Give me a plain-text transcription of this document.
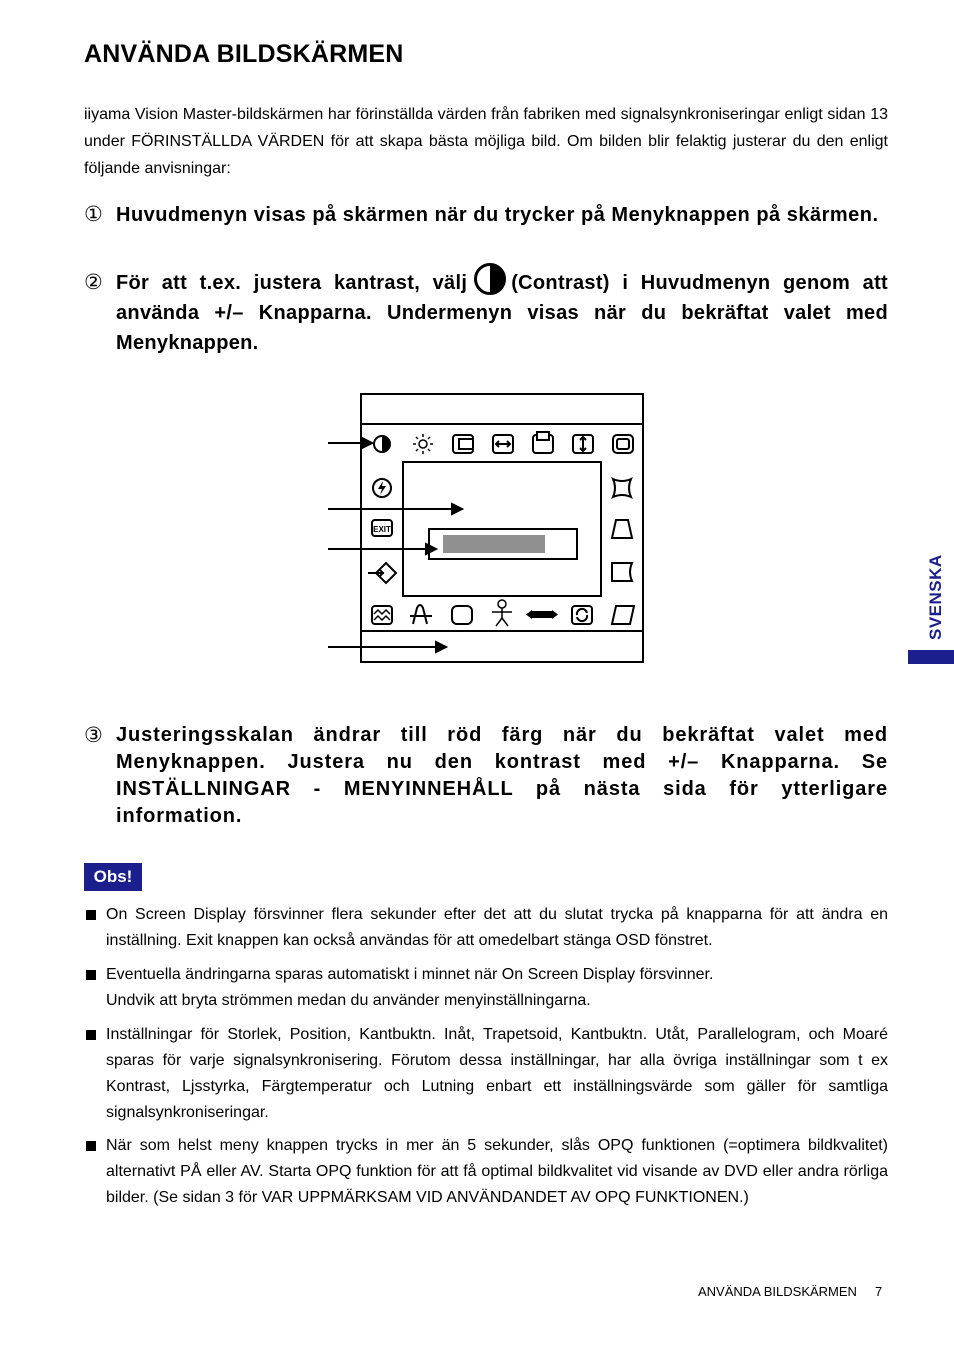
ANVÄNDA BILDSKÄRMEN

iiyama Vision Master-bildskärmen har förinställda värden från fabriken med signalsynkroniseringar enligt sidan 13 under FÖRINSTÄLLDA VÄRDEN för att skapa bästa möjliga bild. Om bilden blir felaktig justerar du den enligt följande anvisningar:

① Huvudmenyn visas på skärmen när du trycker på Menyknappen på skärmen.
② För att t.ex. justera kantrast, välj (Contrast) i Huvudmenyn genom att använda +/– Knapparna. Undermenyn visas när du bekräftat valet med Menyknappen.
EXIT
③ Justeringsskalan ändrar till röd färg när du bekräftat valet med Menyknappen. Justera nu den kontrast med +/– Knapparna. Se INSTÄLLNINGAR - MENYINNEHÅLL på nästa sida för ytterligare information.
Obs!
On Screen Display försvinner flera sekunder efter det att du slutat trycka på knapparna för att ändra en inställning. Exit knappen kan också användas för att omedelbart stänga OSD fönstret.
Eventuella ändringarna sparas automatiskt i minnet när On Screen Display försvinner.
Undvik att bryta strömmen medan du använder menyinställningarna.
Inställningar för Storlek, Position, Kantbuktn. Inåt, Trapetsoid, Kantbuktn. Utåt, Parallelogram, och Moaré sparas för varje signalsynkronisering. Förutom dessa inställningar, har alla övriga inställningar som t ex Kontrast, Ljsstyrka, Färgtemperatur och Lutning enbart ett inställningsvärde som gäller för samtliga signalsynkroniseringar.
När som helst meny knappen trycks in mer än 5 sekunder, slås OPQ funktionen (=optimera bildkvalitet) alternativt PÅ eller AV. Starta OPQ funktion för att få optimal bildkvalitet vid visande av DVD eller andra rörliga bilder. (Se sidan 3 för VAR UPPMÄRKSAM VID ANVÄNDANDET AV OPQ FUNKTIONEN.)
SVENSKA
ANVÄNDA BILDSKÄRMEN 7
